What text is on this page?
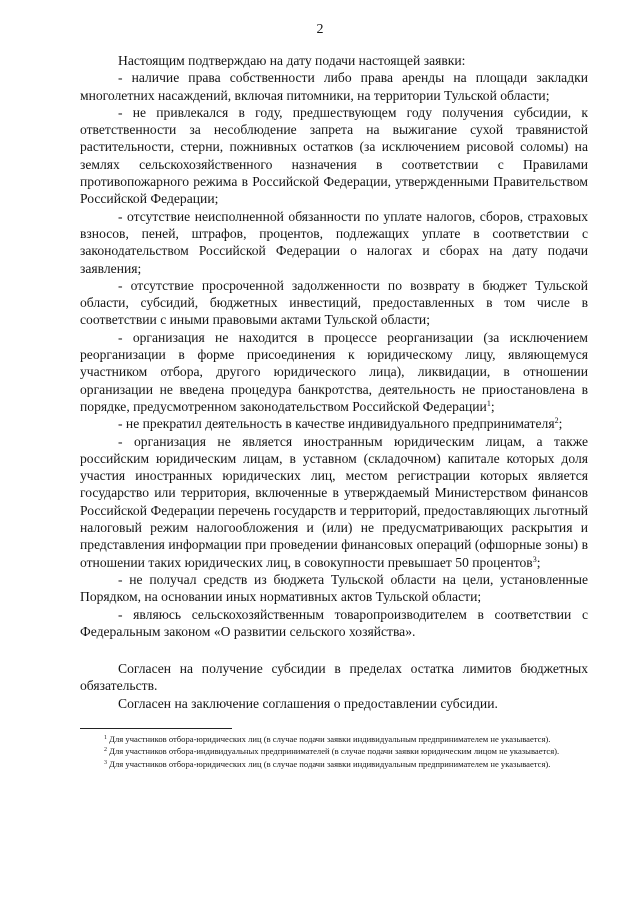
2

Настоящим подтверждаю на дату подачи настоящей заявки:

- наличие права собственности либо права аренды на площади закладки многолетних насаждений, включая питомники, на территории Тульской области;

- не привлекался в году, предшествующем году получения субсидии, к ответственности за несоблюдение запрета на выжигание сухой травянистой растительности, стерни, пожнивных остатков (за исключением рисовой соломы) на землях сельскохозяйственного назначения в соответствии с Правилами противопожарного режима в Российской Федерации, утвержденными Правительством Российской Федерации;

- отсутствие неисполненной обязанности по уплате налогов, сборов, страховых взносов, пеней, штрафов, процентов, подлежащих уплате в соответствии с законодательством Российской Федерации о налогах и сборах на дату подачи заявления;

- отсутствие просроченной задолженности по возврату в бюджет Тульской области, субсидий, бюджетных инвестиций, предоставленных в том числе в соответствии с иными правовыми актами Тульской области;

- организация не находится в процессе реорганизации (за исключением реорганизации в форме присоединения к юридическому лицу, являющемуся участником отбора, другого юридического лица), ликвидации, в отношении организации не введена процедура банкротства, деятельность не приостановлена в порядке, предусмотренном законодательством Российской Федерации$^1$;

- не прекратил деятельность в качестве индивидуального предпринимателя$^2$;

- организация не является иностранным юридическим лицам, а также российским юридическим лицам, в уставном (складочном) капитале которых доля участия иностранных юридических лиц, местом регистрации которых является государство или территория, включенные в утверждаемый Министерством финансов Российской Федерации перечень государств и территорий, предоставляющих льготный налоговый режим налогообложения и (или) не предусматривающих раскрытия и представления информации при проведении финансовых операций (офшорные зоны) в отношении таких юридических лиц, в совокупности превышает 50 процентов$^3$;

- не получал средств из бюджета Тульской области на цели, установленные Порядком, на основании иных нормативных актов Тульской области;

- являюсь сельскохозяйственным товаропроизводителем в соответствии с Федеральным законом «О развитии сельского хозяйства».

Согласен на получение субсидии в пределах остатка лимитов бюджетных обязательств.

Согласен на заключение соглашения о предоставлении субсидии.

$^1$ Для участников отбора-юридических лиц (в случае подачи заявки индивидуальным предпринимателем не указывается).

$^2$ Для участников отбора-индивидуальных предпринимателей (в случае подачи заявки юридическим лицом не указывается).

$^3$ Для участников отбора-юридических лиц (в случае подачи заявки индивидуальным предпринимателем не указывается).
